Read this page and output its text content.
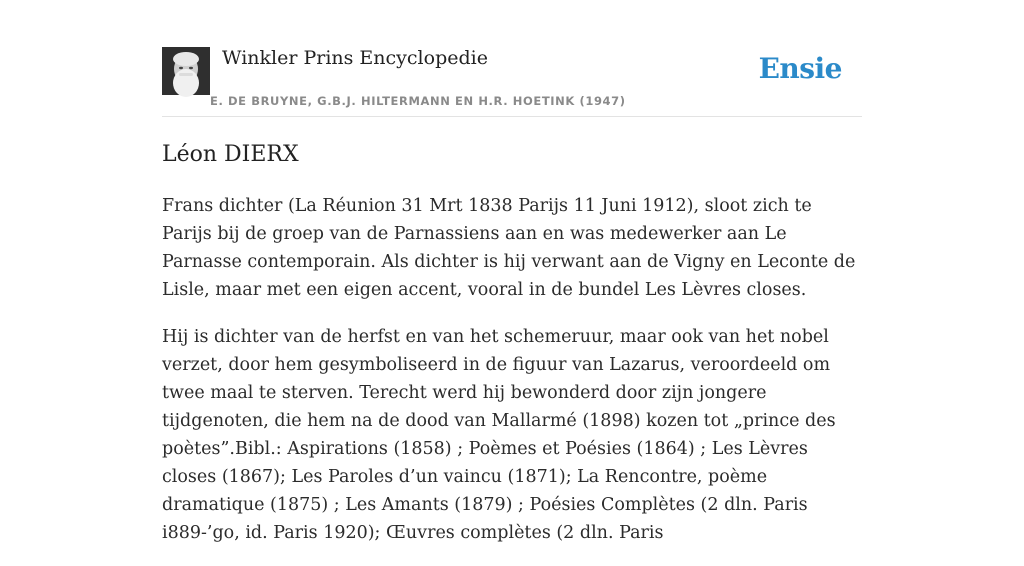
Winkler Prins Encyclopedie
E. DE BRUYNE, G.B.J. HILTERMANN EN H.R. HOETINK (1947)
Ensie
Léon DIERX

Frans dichter (La Réunion 31 Mrt 1838 Parijs 11 Juni 1912), sloot zich te Parijs bij de groep van de Parnassiens aan en was medewerker aan Le Parnasse contemporain. Als dichter is hij verwant aan de Vigny en Leconte de Lisle, maar met een eigen accent, vooral in de bundel Les Lèvres closes.

Hij is dichter van de herfst en van het schemeruur, maar ook van het nobel verzet, door hem gesymboliseerd in de figuur van Lazarus, veroordeeld om twee maal te sterven. Terecht werd hij bewonderd door zijn jongere tijdgenoten, die hem na de dood van Mallarmé (1898) kozen tot „prince des poètes”.Bibl.: Aspirations (1858) ; Poèmes et Poésies (1864) ; Les Lèvres closes (1867); Les Paroles d’un vaincu (1871); La Rencontre, poème dramatique (1875) ; Les Amants (1879) ; Poésies Complètes (2 dln. Paris i889-’go, id. Paris 1920); Œuvres complètes (2 dln. Paris
